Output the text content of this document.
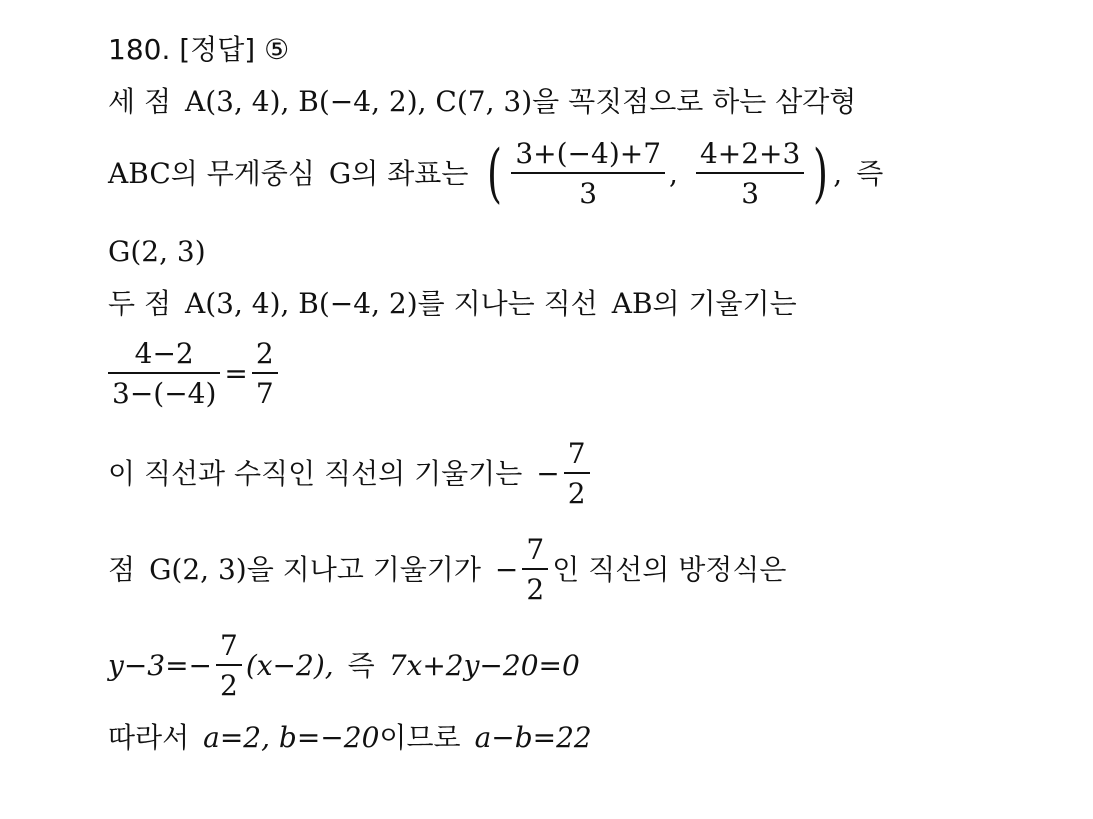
180. [정답] ⑤
세 점 A(3, 4), B(−4, 2), C(7, 3) 을 꼭짓점으로 하는 삼각형
ABC 의 무게중심 G 의 좌표는 ( $\frac{3+(-4)+7}{3}$ , $\frac{4+2+3}{3}$ ) , 즉
G(2, 3)
두 점 A(3, 4), B(−4, 2) 를 지나는 직선 AB 의 기울기는
$\frac{4-2}{3-(-4)} = \frac{2}{7}$
이 직선과 수직인 직선의 기울기는 − $\frac{7}{2}$
점 G(2, 3) 을 지나고 기울기가 − $\frac{7}{2}$ 인 직선의 방정식은
$y-3=- \frac{7}{2} (x-2)$, 즉 7x+2y−20=0
따라서 a=2, b=−20 이므로 a−b=22
